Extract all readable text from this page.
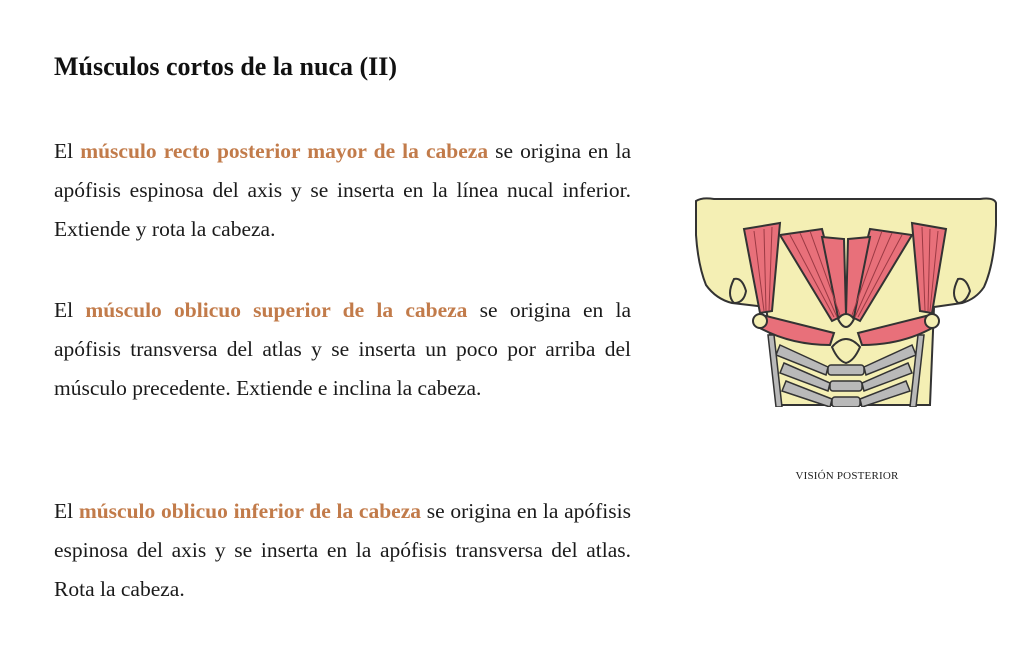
Músculos cortos de la nuca (II)

El músculo recto posterior mayor de la cabeza se origina en la apófisis espinosa del axis y se inserta en la línea nucal inferior. Extiende y rota la cabeza.

El músculo oblicuo superior de la cabeza se origina en la apófisis transversa del atlas y se inserta un poco por arriba del músculo precedente. Extiende e inclina la cabeza.

El músculo oblicuo inferior de la cabeza se origina en la apófisis espinosa del axis y se inserta en la apófisis transversa del atlas. Rota la cabeza.

VISIÓN POSTERIOR
